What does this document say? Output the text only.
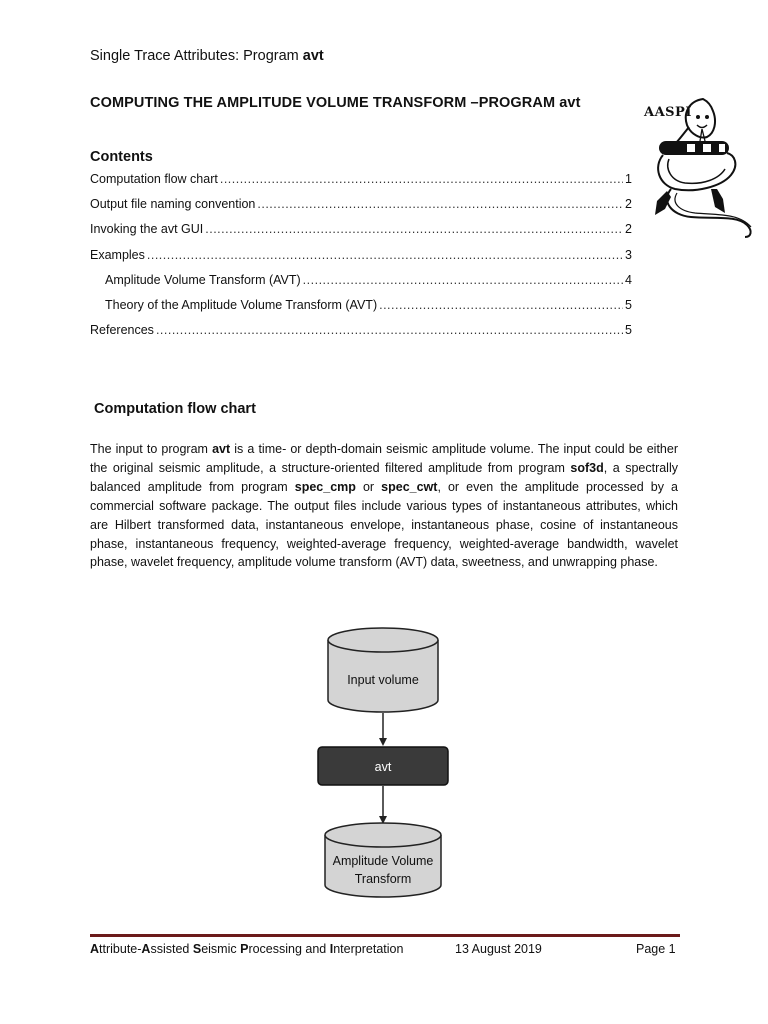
Single Trace Attributes: Program avt
COMPUTING THE AMPLITUDE VOLUME TRANSFORM –PROGRAM avt
AASPI
Contents
Computation flow chart .....	1
Output file naming convention .....	2
Invoking the avt GUI .....	2
Examples .....	3
Amplitude Volume Transform (AVT) .....	4
Theory of the Amplitude Volume Transform (AVT) .....	5
References .....	5
Computation flow chart
The input to program avt is a time- or depth-domain seismic amplitude volume. The input could be either the original seismic amplitude, a structure-oriented filtered amplitude from program sof3d, a spectrally balanced amplitude from program spec_cmp or spec_cwt, or even the amplitude processed by a commercial software package. The output files include various types of instantaneous attributes, which are Hilbert transformed data, instantaneous envelope, instantaneous phase, cosine of instantaneous phase, instantaneous frequency, weighted-average frequency, weighted-average bandwidth, wavelet phase, wavelet frequency, amplitude volume transform (AVT) data, sweetness, and unwrapping phase.
Input volume
avt
Amplitude Volume
Transform
Attribute-Assisted Seismic Processing and Interpretation	13 August 2019	Page 1
